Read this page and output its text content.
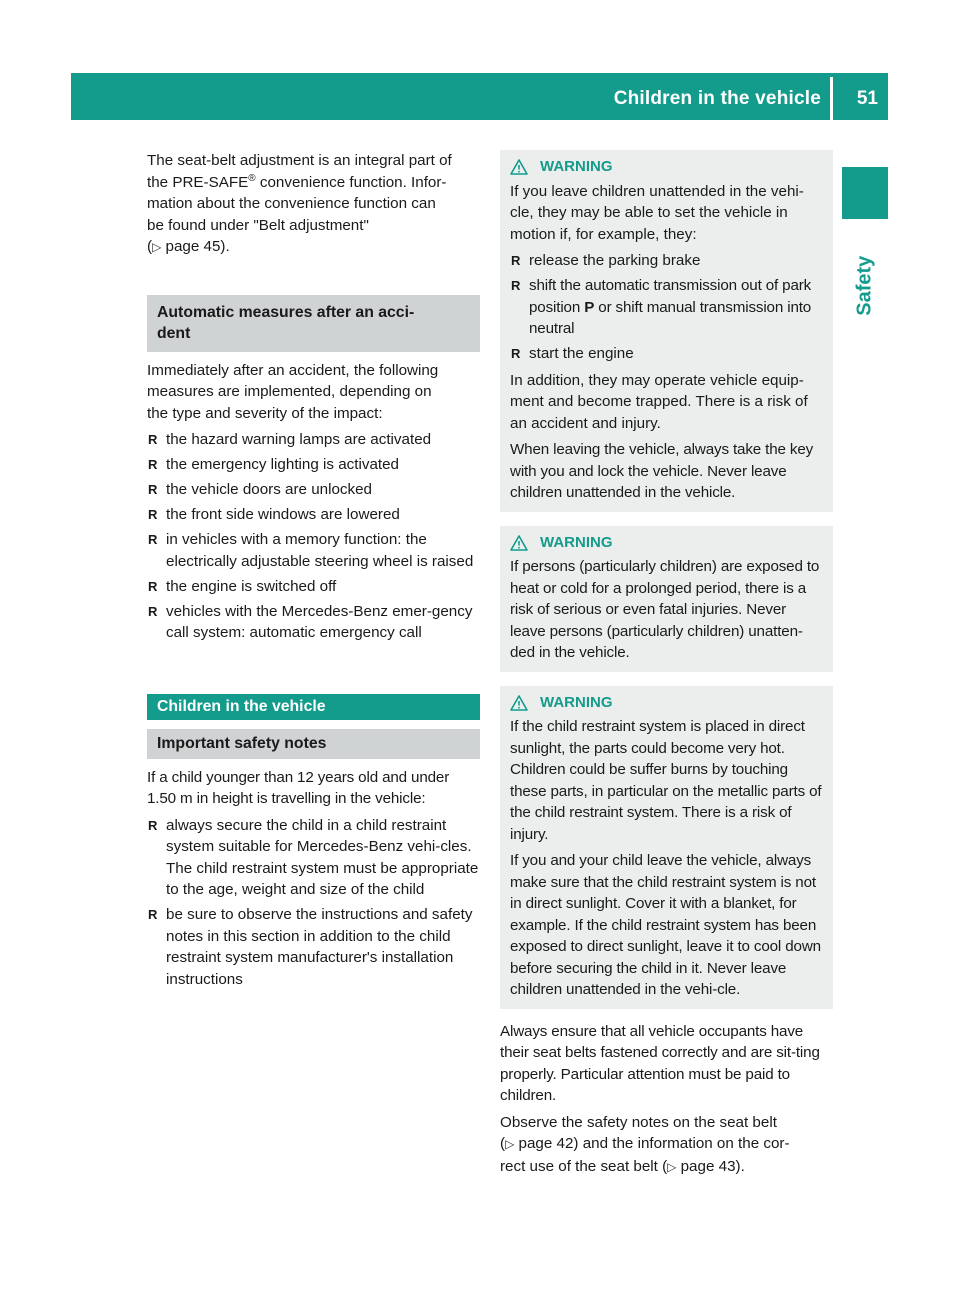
Children in the vehicle 51
Safety

The seat-belt adjustment is an integral part of
the PRE-SAFE® convenience function. Infor-
mation about the convenience function can
be found under "Belt adjustment"
(▷ page 45).

Automatic measures after an acci-
dent

Immediately after an accident, the following
measures are implemented, depending on
the type and severity of the impact:

R the hazard warning lamps are activated
R the emergency lighting is activated
R the vehicle doors are unlocked
R the front side windows are lowered
R in vehicles with a memory function: the electrically adjustable steering wheel is raised
R the engine is switched off
R vehicles with the Mercedes-Benz emer-gency call system: automatic emergency call
Children in the vehicle
Important safety notes

If a child younger than 12 years old and under
1.50 m in height is travelling in the vehicle:

R always secure the child in a child restraint system suitable for Mercedes-Benz vehi-cles. The child restraint system must be appropriate to the age, weight and size of the child
R be sure to observe the instructions and safety notes in this section in addition to the child restraint system manufacturer's installation instructions
WARNING

If you leave children unattended in the vehi-cle, they may be able to set the vehicle in motion if, for example, they:

R release the parking brake
R shift the automatic transmission out of park position P or shift manual transmission into neutral
R start the engine

In addition, they may operate vehicle equip-ment and become trapped. There is a risk of an accident and injury.

When leaving the vehicle, always take the key with you and lock the vehicle. Never leave children unattended in the vehicle.

WARNING

If persons (particularly children) are exposed to heat or cold for a prolonged period, there is a risk of serious or even fatal injuries. Never leave persons (particularly children) unatten-ded in the vehicle.

WARNING

If the child restraint system is placed in direct sunlight, the parts could become very hot. Children could be suffer burns by touching these parts, in particular on the metallic parts of the child restraint system. There is a risk of injury.

If you and your child leave the vehicle, always make sure that the child restraint system is not in direct sunlight. Cover it with a blanket, for example. If the child restraint system has been exposed to direct sunlight, leave it to cool down before securing the child in it. Never leave children unattended in the vehi-cle.

Always ensure that all vehicle occupants have their seat belts fastened correctly and are sit-ting properly. Particular attention must be paid to children.

Observe the safety notes on the seat belt
(▷ page 42) and the information on the cor-
rect use of the seat belt (▷ page 43).
